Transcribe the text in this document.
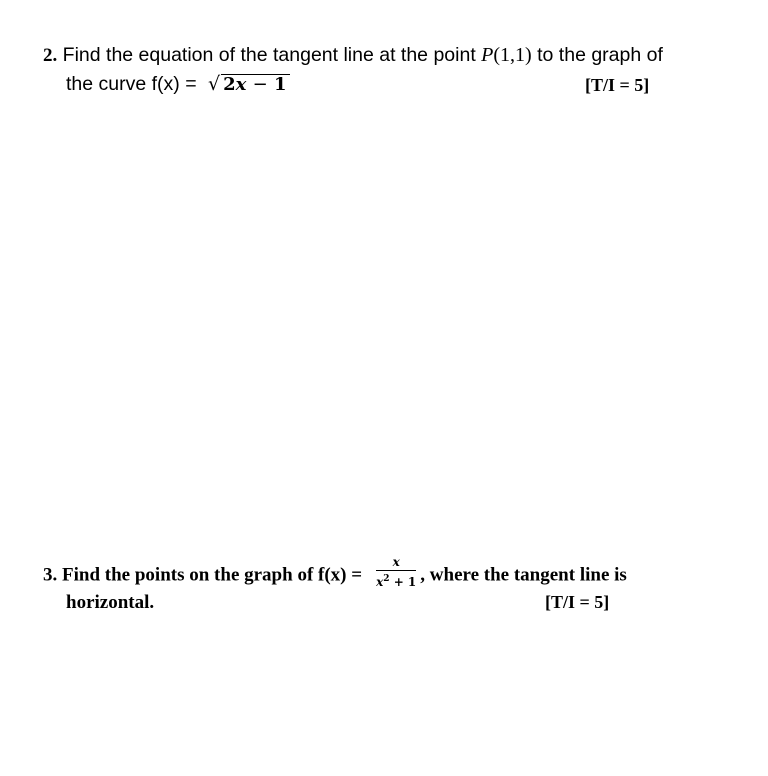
2. Find the equation of the tangent line at the point P(1,1) to the graph of
the curve f(x) = √ 2x − 1	[T/I = 5]
3. Find the points on the graph of $f(x) = \frac{x}{x^2 + 1}$ , where the tangent line is
horizontal.	[T/I = 5]
